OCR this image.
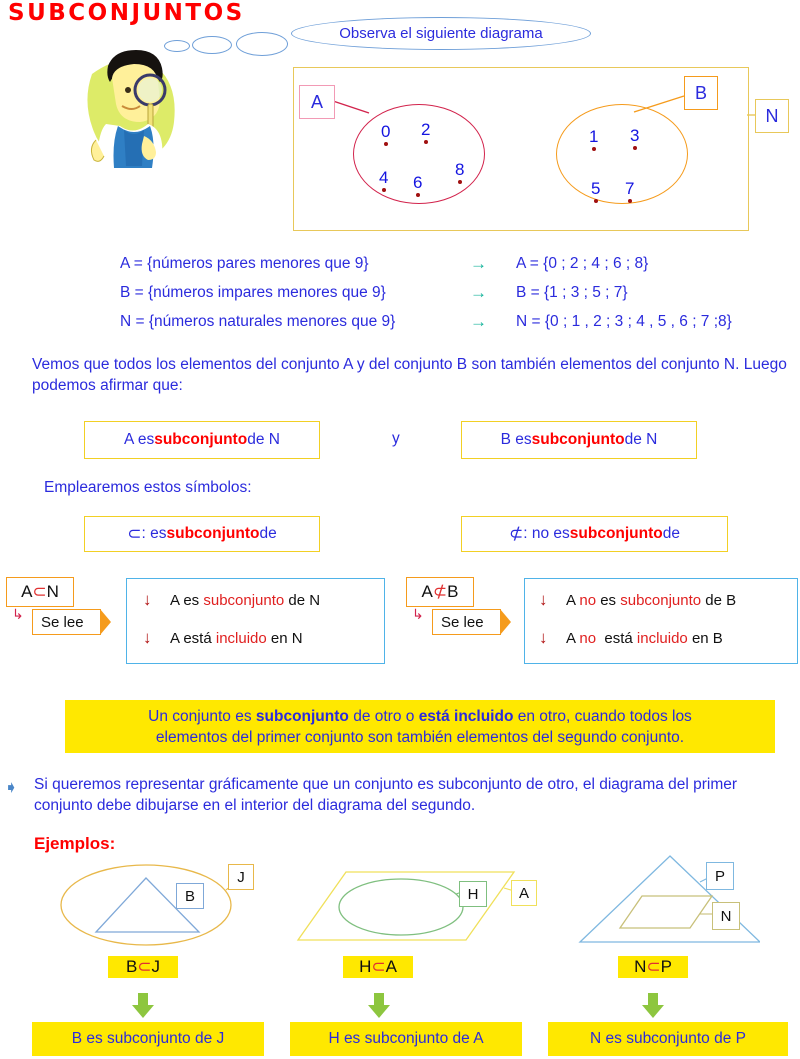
SUBCONJUNTOS
Observa el siguiente diagrama
A	B
N
0 2
4 6
8
1 3
5 7
A = {números pares menores que 9}	→ A = {0 ; 2 ; 4 ; 6 ; 8}
B = {números impares menores que 9}	→ B = {1 ; 3 ; 5 ; 7}
N = {números naturales menores que 9}	→ N = {0 ; 1 , 2 ; 3 ; 4 , 5 , 6 ; 7 ;8}
Vemos que todos los elementos del conjunto A y del conjunto B son también elementos del conjunto N. Luego podemos afirmar que:
A es subconjunto de N	y	B es subconjunto de N
Emplearemos estos símbolos:
⊂ : es subconjunto de	⊄ : no es subconjunto de
A ⊂ N
↳	Se lee
↓ A es subconjunto de N
↓ A está incluido en N
A ⊄ B
↳	Se lee
↓ A no es subconjunto de B
↓ A no  está incluido en B
Un conjunto es subconjunto de otro o está incluido en otro, cuando todos los
elementos del primer conjunto son también elementos del segundo conjunto.
➧ Si queremos representar gráficamente que un conjunto es subconjunto de otro, el diagrama del primer conjunto debe dibujarse en el interior del diagrama del segundo.
Ejemplos:
B
J
B ⊂ J
B es subconjunto de J
H	A
H ⊂ A
H es subconjunto de A
P
N
N ⊂ P
N es subconjunto de P
